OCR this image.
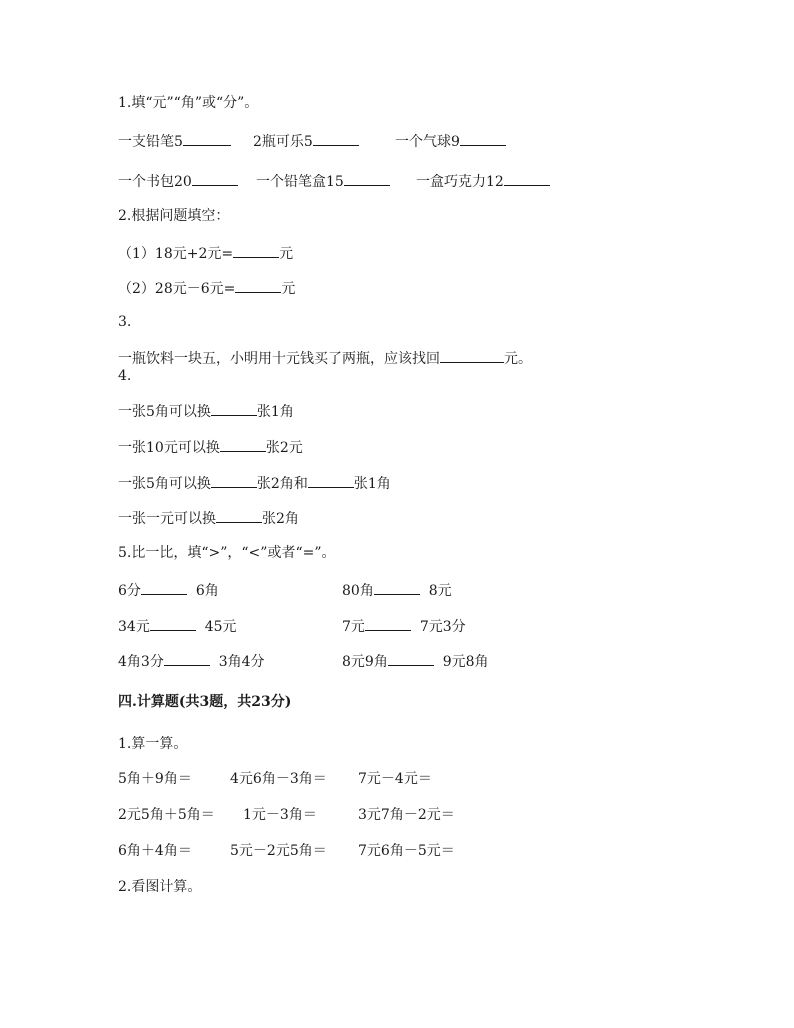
1.填“元”“角”或“分”。
一支铅笔5	2瓶可乐5	一个气球9
一个书包20	一个铅笔盒15	一盒巧克力12
2.根据问题填空：
（1）18元+2元=	元
（2）28元－6元=	元
3.
一瓶饮料一块五，小明用十元钱买了两瓶，应该找回	元。
4.
一张5角可以换	张1角
一张10元可以换	张2元
一张5角可以换	张2角和	张1角
一张一元可以换	张2角
5.比一比，填“>”，“<”或者“=”。
6分	6角	80角	8元
34元	45元	7元	7元3分
4角3分	3角4分	8元9角	9元8角
四.计算题(共3题，共23分)
1.算一算。
5角＋9角＝	4元6角－3角＝ 7元－4元＝
2元5角＋5角＝ 1元－3角＝	3元7角－2元＝
6角＋4角＝	5元－2元5角＝ 7元6角－5元＝
2.看图计算。
